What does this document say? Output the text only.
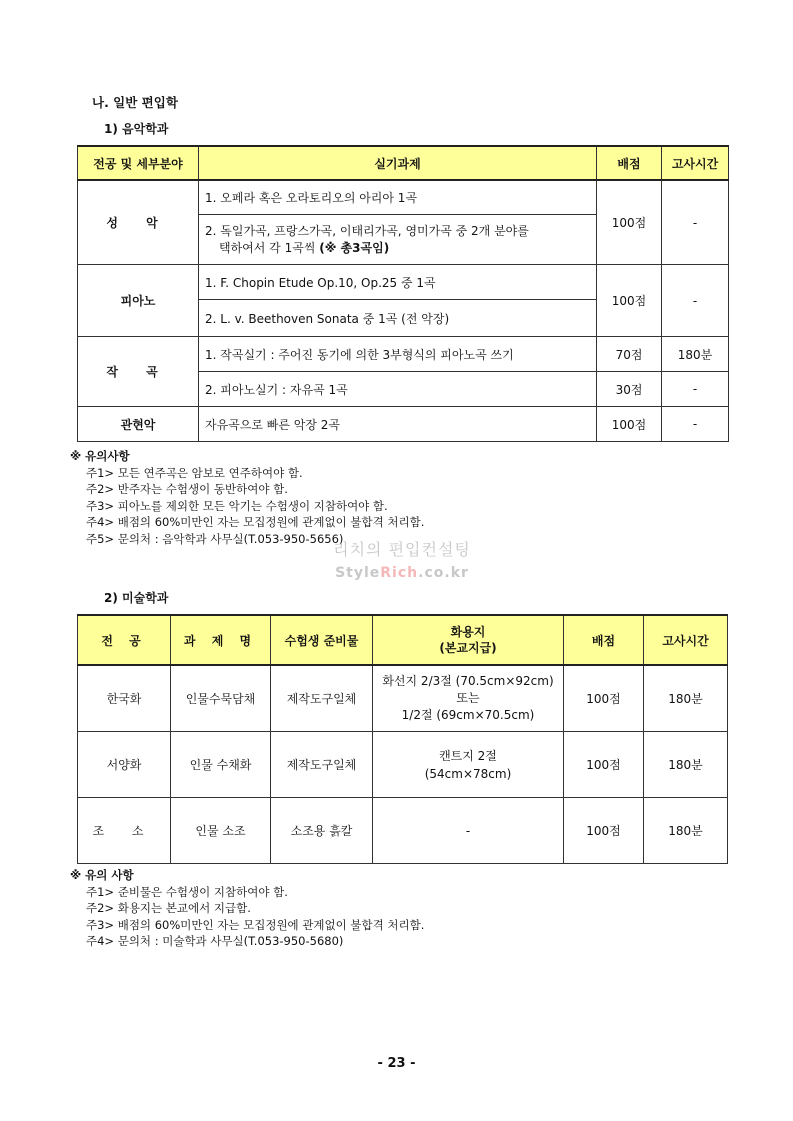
나. 일반 편입학
1) 음악학과
전공 및 세부분야	실기과제	배점	고사시간
성 악	1. 오페라 혹은 오라토리오의 아리아 1곡	100점	-

	2. 독일가곡, 프랑스가곡, 이태리가곡, 영미가곡 중 2개 분야를
택하여서 각 1곡씩 (※ 총3곡임)		

피아노	1. F. Chopin Etude Op.10, Op.25 중 1곡	100점	-
	2. L. v. Beethoven Sonata 중 1곡 (전 악장)		
작 곡	1. 작곡실기 : 주어진 동기에 의한 3부형식의 피아노곡 쓰기	70점	180분
	2. 피아노실기 : 자유곡 1곡	30점	-
관현악	자유곡으로 빠른 악장 2곡	100점	-
※ 유의사항
주1> 모든 연주곡은 암보로 연주하여야 함.
주2> 반주자는 수험생이 동반하여야 함.
주3> 피아노를 제외한 모든 악기는 수험생이 지참하여야 함.
주4> 배점의 60%미만인 자는 모집정원에 관계없이 불합격 처리함.
주5> 문의처 : 음악학과 사무실(T.053-950-5656)
리치의 편입컨설팅
StyleRich.co.kr
2) 미술학과
전 공	과 제 명	수험생 준비물	화용지
(본교지급)	배점	고사시간
한국화	인물수묵담채	제작도구일체	화선지 2/3절 (70.5cm×92cm)
또는
1/2절 (69cm×70.5cm)	100점	180분
서양화	인물 수채화	제작도구일체	캔트지 2절
(54cm×78cm)	100점	180분
조 소	인물 소조	소조용 흙칼	-	100점	180분
※ 유의 사항
주1> 준비물은 수험생이 지참하여야 함.
주2> 화용지는 본교에서 지급함.
주3> 배점의 60%미만인 자는 모집정원에 관계없이 불합격 처리함.
주4> 문의처 : 미술학과 사무실(T.053-950-5680)
- 23 -
